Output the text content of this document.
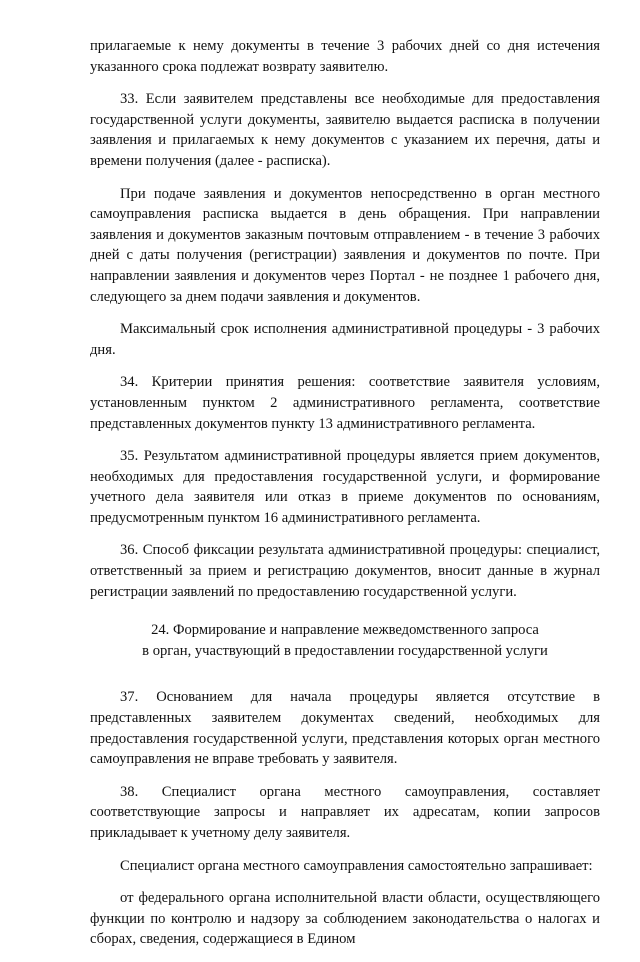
прилагаемые к нему документы в течение 3 рабочих дней со дня истечения указанного срока подлежат возврату заявителю.

33. Если заявителем представлены все необходимые для предоставления государственной услуги документы, заявителю выдается расписка в получении заявления и прилагаемых к нему документов с указанием их перечня, даты и времени получения (далее - расписка).

При подаче заявления и документов непосредственно в орган местного самоуправления расписка выдается в день обращения. При направлении заявления и документов заказным почтовым отправлением - в течение 3 рабочих дней с даты получения (регистрации) заявления и документов по почте. При направлении заявления и документов через Портал - не позднее 1 рабочего дня, следующего за днем подачи заявления и документов.

Максимальный срок исполнения административной процедуры - 3 рабочих дня.

34. Критерии принятия решения: соответствие заявителя условиям, установленным пунктом 2 административного регламента, соответствие представленных документов пункту 13 административного регламента.

35. Результатом административной процедуры является прием документов, необходимых для предоставления государственной услуги, и формирование учетного дела заявителя или отказ в приеме документов по основаниям, предусмотренным пунктом 16 административного регламента.

36. Способ фиксации результата административной процедуры: специалист, ответственный за прием и регистрацию документов, вносит данные в журнал регистрации заявлений по предоставлению государственной услуги.

24. Формирование и направление межведомственного запроса
в орган, участвующий в предоставлении государственной услуги

37. Основанием для начала процедуры является отсутствие в представленных заявителем документах сведений, необходимых для предоставления государственной услуги, представления которых орган местного самоуправления не вправе требовать у заявителя.

38. Специалист органа местного самоуправления, составляет соответствующие запросы и направляет их адресатам, копии запросов прикладывает к учетному делу заявителя.

Специалист органа местного самоуправления самостоятельно запрашивает:

от федерального органа исполнительной власти области, осуществляющего функции по контролю и надзору за соблюдением законодательства о налогах и сборах, сведения, содержащиеся в Едином
